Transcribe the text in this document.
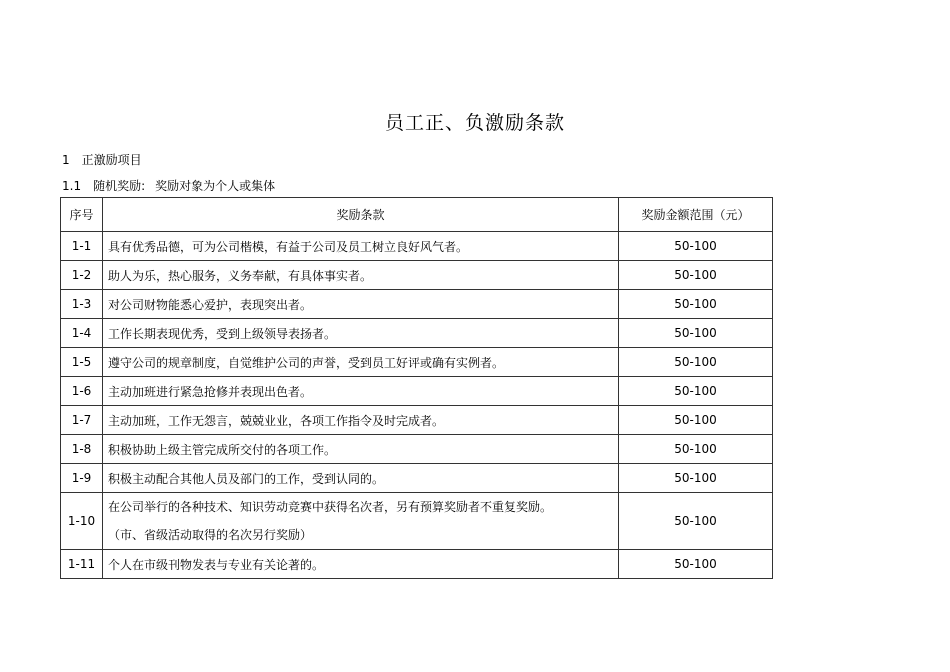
员工正、负激励条款
1 正激励项目
1.1 随机奖励: 奖励对象为个人或集体
序号	奖励条款	奖励金额范围（元）
1-1	具有优秀品德，可为公司楷模，有益于公司及员工树立良好风气者。	50-100
1-2	助人为乐，热心服务，义务奉献，有具体事实者。	50-100
1-3	对公司财物能悉心爱护，表现突出者。	50-100
1-4	工作长期表现优秀，受到上级领导表扬者。	50-100
1-5	遵守公司的规章制度，自觉维护公司的声誉，受到员工好评或确有实例者。	50-100
1-6	主动加班进行紧急抢修并表现出色者。	50-100
1-7	主动加班，工作无怨言，兢兢业业，各项工作指令及时完成者。	50-100
1-8	积极协助上级主管完成所交付的各项工作。	50-100
1-9	积极主动配合其他人员及部门的工作，受到认同的。	50-100
1-10	在公司举行的各种技术、知识劳动竞赛中获得名次者，另有预算奖励者不重复奖励。
（市、省级活动取得的名次另行奖励）	50-100
1-11	个人在市级刊物发表与专业有关论著的。	50-100
